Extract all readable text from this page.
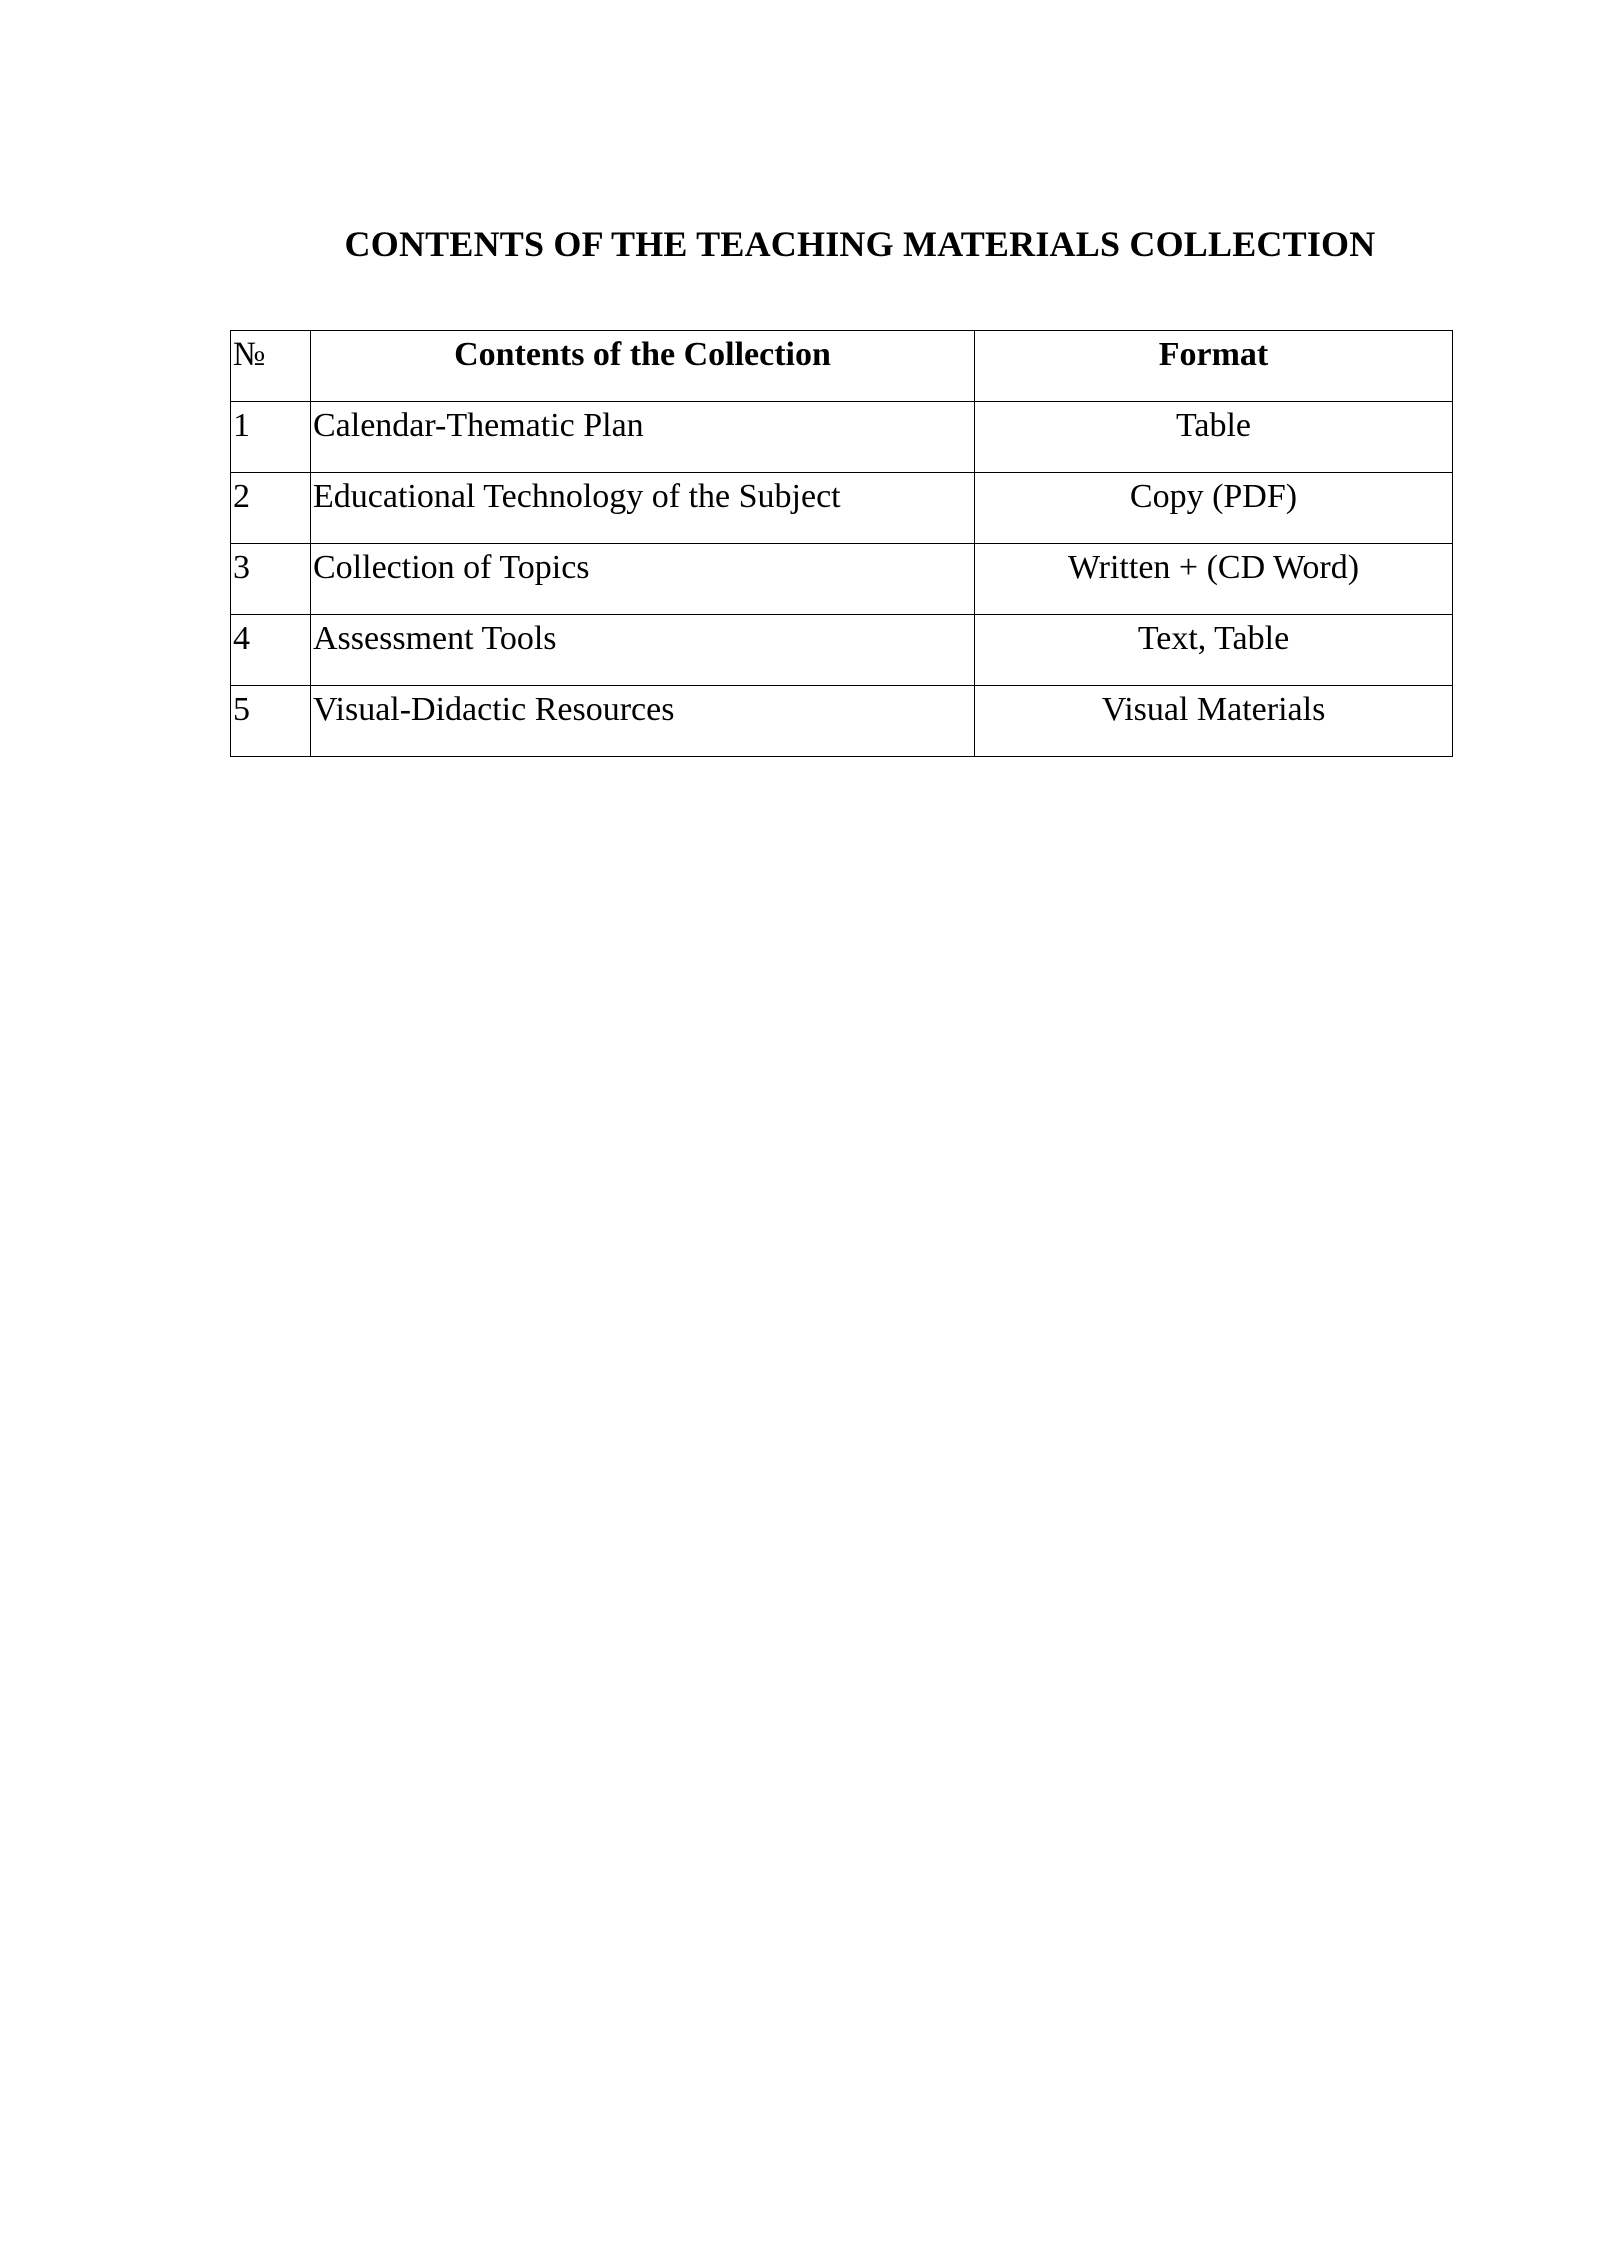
CONTENTS OF THE TEACHING MATERIALS COLLECTION
№	Contents of the Collection	Format
1	Calendar-Thematic Plan	Table
2	Educational Technology of the Subject	Copy (PDF)
3	Collection of Topics	Written + (CD Word)
4	Assessment Tools	Text, Table
5	Visual-Didactic Resources	Visual Materials
